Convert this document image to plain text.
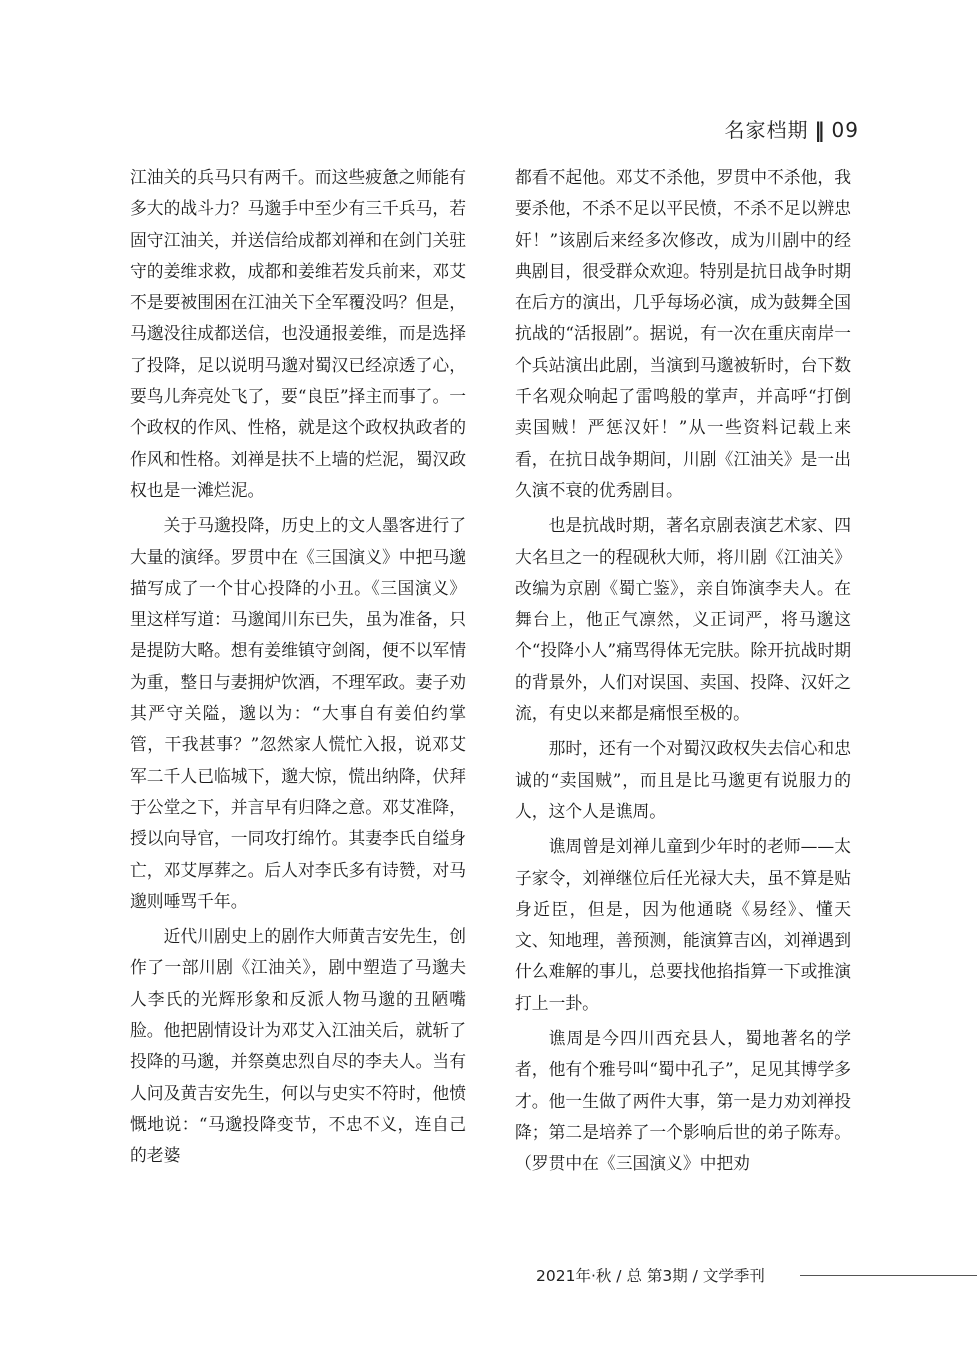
名家档期 ‖ 09

江油关的兵马只有两千。而这些疲惫之师能有多大的战斗力？马邈手中至少有三千兵马，若固守江油关，并送信给成都刘禅和在剑门关驻守的姜维求救，成都和姜维若发兵前来，邓艾不是要被围困在江油关下全军覆没吗？但是，马邈没往成都送信，也没通报姜维，而是选择了投降，足以说明马邈对蜀汉已经凉透了心，要鸟儿奔亮处飞了，要“良臣”择主而事了。一个政权的作风、性格，就是这个政权执政者的作风和性格。刘禅是扶不上墙的烂泥，蜀汉政权也是一滩烂泥。

关于马邈投降，历史上的文人墨客进行了大量的演绎。罗贯中在《三国演义》中把马邈描写成了一个甘心投降的小丑。《三国演义》里这样写道：马邈闻川东已失，虽为准备，只是提防大略。想有姜维镇守剑阁，便不以军情为重，整日与妻拥炉饮酒，不理军政。妻子劝其严守关隘，邈以为：“大事自有姜伯约掌管，干我甚事？”忽然家人慌忙入报，说邓艾军二千人已临城下，邈大惊，慌出纳降，伏拜于公堂之下，并言早有归降之意。邓艾准降，授以向导官，一同攻打绵竹。其妻李氏自缢身亡，邓艾厚葬之。后人对李氏多有诗赞，对马邈则唾骂千年。

近代川剧史上的剧作大师黄吉安先生，创作了一部川剧《江油关》，剧中塑造了马邈夫人李氏的光辉形象和反派人物马邈的丑陋嘴脸。他把剧情设计为邓艾入江油关后，就斩了投降的马邈，并祭奠忠烈自尽的李夫人。当有人问及黄吉安先生，何以与史实不符时，他愤慨地说：“马邈投降变节，不忠不义，连自己的老婆

都看不起他。邓艾不杀他，罗贯中不杀他，我要杀他，不杀不足以平民愤，不杀不足以辨忠奸！”该剧后来经多次修改，成为川剧中的经典剧目，很受群众欢迎。特别是抗日战争时期在后方的演出，几乎每场必演，成为鼓舞全国抗战的“活报剧”。据说，有一次在重庆南岸一个兵站演出此剧，当演到马邈被斩时，台下数千名观众响起了雷鸣般的掌声，并高呼“打倒卖国贼！严惩汉奸！”从一些资料记载上来看，在抗日战争期间，川剧《江油关》是一出久演不衰的优秀剧目。

也是抗战时期，著名京剧表演艺术家、四大名旦之一的程砚秋大师，将川剧《江油关》改编为京剧《蜀亡鉴》，亲自饰演李夫人。在舞台上，他正气凛然，义正词严，将马邈这个“投降小人”痛骂得体无完肤。除开抗战时期的背景外，人们对误国、卖国、投降、汉奸之流，有史以来都是痛恨至极的。

那时，还有一个对蜀汉政权失去信心和忠诚的“卖国贼”，而且是比马邈更有说服力的人，这个人是谯周。

谯周曾是刘禅儿童到少年时的老师——太子家令，刘禅继位后任光禄大夫，虽不算是贴身近臣，但是，因为他通晓《易经》、懂天文、知地理，善预测，能演算吉凶，刘禅遇到什么难解的事儿，总要找他掐指算一下或推演打上一卦。

谯周是今四川西充县人，蜀地著名的学者，他有个雅号叫“蜀中孔子”，足见其博学多才。他一生做了两件大事，第一是力劝刘禅投降；第二是培养了一个影响后世的弟子陈寿。（罗贯中在《三国演义》中把劝

2021年·秋 / 总 第3期 / 文学季刊
